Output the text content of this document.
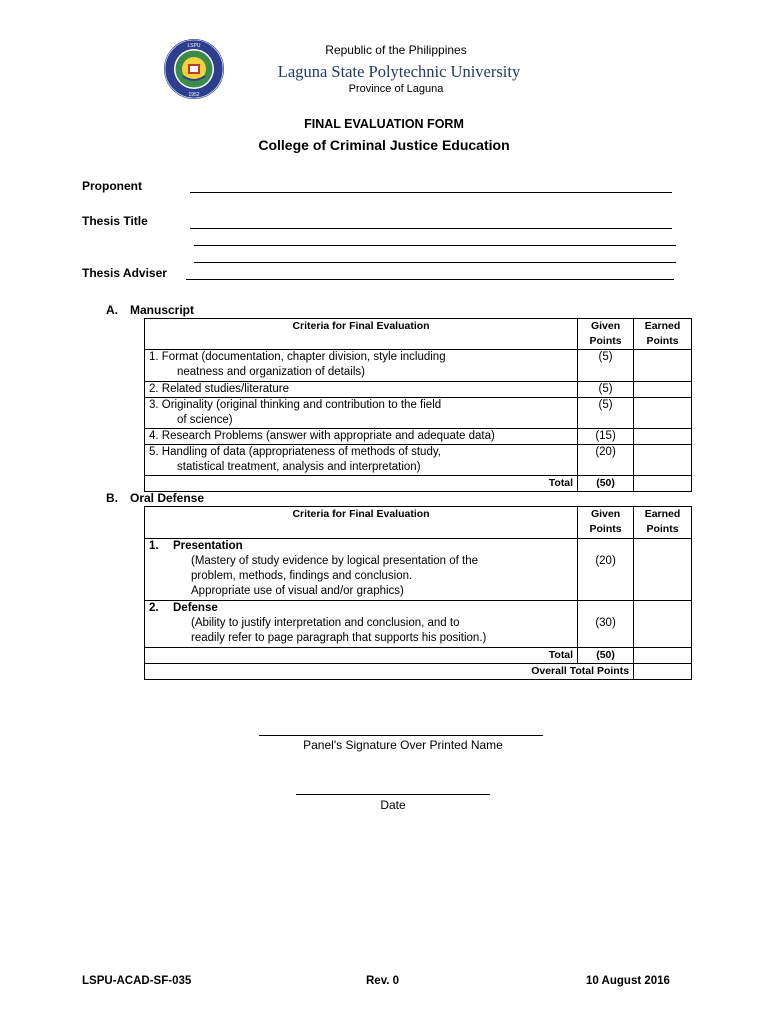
LSPU
1952
Republic of the Philippines
Laguna State Polytechnic University
Province of Laguna
FINAL EVALUATION FORM
College of Criminal Justice Education
Proponent
Thesis Title
Thesis Adviser
A. Manuscript
Criteria for Final Evaluation	Given Points	Earned Points

1. Format (documentation, chapter division, style including
neatness and organization of details)	(5)	

2. Related studies/literature	(5)	

3. Originality (original thinking and contribution to the field
of science)	(5)	

4. Research Problems (answer with appropriate and adequate data)	(15)	

5. Handling of data (appropriateness of methods of study,
statistical treatment, analysis and interpretation)	(20)	
Total	(50)	
B. Oral Defense
Criteria for Final Evaluation	Given Points	Earned Points

1. Presentation
(Mastery of study evidence by logical presentation of the
problem, methods, findings and conclusion.
Appropriate use of visual and/or graphics)	(20)	

2. Defense
(Ability to justify interpretation and conclusion, and to
readily refer to page paragraph that supports his position.)	(30)	
Total	(50)	
Overall Total Points		
Panel's Signature Over Printed Name
Date
LSPU-ACAD-SF-035	Rev. 0	10 August 2016
